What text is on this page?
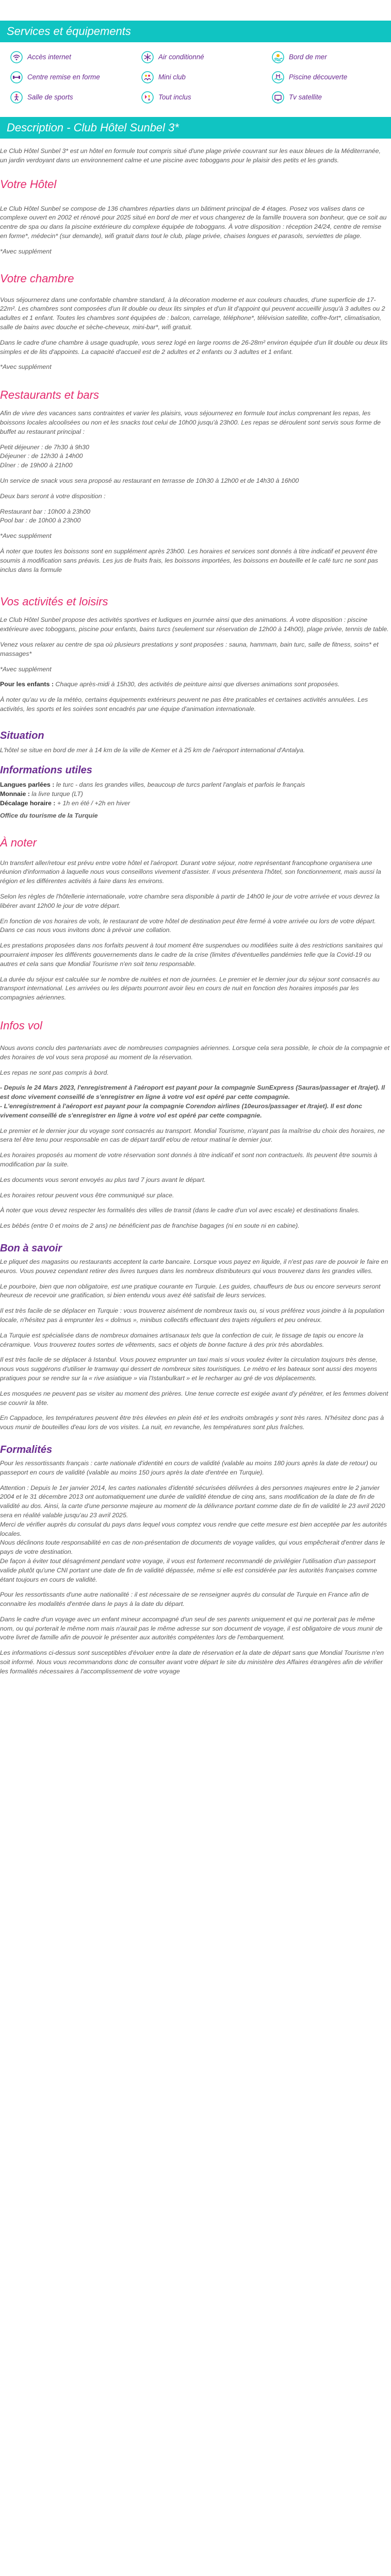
Services et équipements
Accès internet	Air conditionné	Bord de mer
Centre remise en forme	Mini club	Piscine découverte
Salle de sports	Tout inclus	Tv satellite
Description - Club Hôtel Sunbel 3*

Le Club Hôtel Sunbel 3* est un hôtel en formule tout compris situé d'une plage privée couvrant sur les eaux bleues de la Méditerranée, un jardin verdoyant dans un environnement calme et une piscine avec toboggans pour le plaisir des petits et les grands.

Votre Hôtel

Le Club Hôtel Sunbel se compose de 136 chambres réparties dans un bâtiment principal de 4 étages. Posez vos valises dans ce complexe ouvert en 2002 et rénové pour 2025 situé en bord de mer et vous changerez de la famille trouvera son bonheur, que ce soit au centre de spa ou dans la piscine extérieure du complexe équipée de toboggans. À votre disposition : réception 24/24, centre de remise en forme*, médecin* (sur demande), wifi gratuit dans tout le club, plage privée, chaises longues et parasols, serviettes de plage.

*Avec supplément

Votre chambre

Vous séjournerez dans une confortable chambre standard, à la décoration moderne et aux couleurs chaudes, d'une superficie de 17-22m². Les chambres sont composées d'un lit double ou deux lits simples et d'un lit d'appoint qui peuvent accueillir jusqu'à 3 adultes ou 2 adultes et 1 enfant. Toutes les chambres sont équipées de : balcon, carrelage, téléphone*, télévision satellite, coffre-fort*, climatisation, salle de bains avec douche et sèche-cheveux, mini-bar*, wifi gratuit.

Dans le cadre d'une chambre à usage quadruple, vous serez logé en large rooms de 26-28m² environ équipée d'un lit double ou deux lits simples et de lits d'appoints. La capacité d'accueil est de 2 adultes et 2 enfants ou 3 adultes et 1 enfant.

*Avec supplément

Restaurants et bars

Afin de vivre des vacances sans contraintes et varier les plaisirs, vous séjournerez en formule tout inclus comprenant les repas, les boissons locales alcoolisées ou non et les snacks tout celui de 10h00 jusqu'à 23h00. Les repas se déroulent sont servis sous forme de buffet au restaurant principal :

Petit déjeuner : de 7h30 à 9h30

Déjeuner : de 12h30 à 14h00

Dîner : de 19h00 à 21h00

Un service de snack vous sera proposé au restaurant en terrasse de 10h30 à 12h00 et de 14h30 à 16h00

Deux bars seront à votre disposition :

Restaurant bar : 10h00 à 23h00

Pool bar : de 10h00 à 23h00

*Avec supplément

À noter que toutes les boissons sont en supplément après 23h00. Les horaires et services sont donnés à titre indicatif et peuvent être soumis à modification sans préavis. Les jus de fruits frais, les boissons importées, les boissons en bouteille et le café turc ne sont pas inclus dans la formule

Vos activités et loisirs

Le Club Hôtel Sunbel propose des activités sportives et ludiques en journée ainsi que des animations. À votre disposition : piscine extérieure avec toboggans, piscine pour enfants, bains turcs (seulement sur réservation de 12h00 à 14h00), plage privée, tennis de table.

Venez vous relaxer au centre de spa où plusieurs prestations y sont proposées : sauna, hammam, bain turc, salle de fitness, soins* et massages*

*Avec supplément

Pour les enfants : Chaque après-midi à 15h30, des activités de peinture ainsi que diverses animations sont proposées.

À noter qu'au vu de la météo, certains équipements extérieurs peuvent ne pas être praticables et certaines activités annulées. Les activités, les sports et les soirées sont encadrés par une équipe d'animation internationale.

Situation

L'hôtel se situe en bord de mer à 14 km de la ville de Kemer et à 25 km de l'aéroport international d'Antalya.

Informations utiles

Langues parlées : le turc - dans les grandes villes, beaucoup de turcs parlent l'anglais et parfois le français

Monnaie : la livre turque (LT)

Décalage horaire : + 1h en été / +2h en hiver

Office du tourisme de la Turquie

À noter

Un transfert aller/retour est prévu entre votre hôtel et l'aéroport. Durant votre séjour, notre représentant francophone organisera une réunion d'information à laquelle nous vous conseillons vivement d'assister. Il vous présentera l'hôtel, son fonctionnement, mais aussi la région et les différentes activités à faire dans les environs.

Selon les règles de l'hôtellerie internationale, votre chambre sera disponible à partir de 14h00 le jour de votre arrivée et vous devrez la libérer avant 12h00 le jour de votre départ.

En fonction de vos horaires de vols, le restaurant de votre hôtel de destination peut être fermé à votre arrivée ou lors de votre départ. Dans ce cas nous vous invitons donc à prévoir une collation.

Les prestations proposées dans nos forfaits peuvent à tout moment être suspendues ou modifiées suite à des restrictions sanitaires qui pourraient imposer les différents gouvernements dans le cadre de la crise (limites d'éventuelles pandémies telle que la Covid-19 ou autres et cela sans que Mondial Tourisme n'en soit tenu responsable.

La durée du séjour est calculée sur le nombre de nuitées et non de journées. Le premier et le dernier jour du séjour sont consacrés au transport international. Les arrivées ou les départs pourront avoir lieu en cours de nuit en fonction des horaires imposés par les compagnies aériennes.

Infos vol

Nous avons conclu des partenariats avec de nombreuses compagnies aériennes. Lorsque cela sera possible, le choix de la compagnie et des horaires de vol vous sera proposé au moment de la réservation.

Les repas ne sont pas compris à bord.

- Depuis le 24 Mars 2023, l'enregistrement à l'aéroport est payant pour la compagnie SunExpress (Sauras/passager et /trajet). Il est donc vivement conseillé de s'enregistrer en ligne à votre vol est opéré par cette compagnie.

- L'enregistrement à l'aéroport est payant pour la compagnie Corendon airlines (10euros/passager et /trajet). Il est donc vivement conseillé de s'enregistrer en ligne à votre vol est opéré par cette compagnie.

Le premier et le dernier jour du voyage sont consacrés au transport. Mondial Tourisme, n'ayant pas la maîtrise du choix des horaires, ne sera tel être tenu pour responsable en cas de départ tardif et/ou de retour matinal le dernier jour.

Les horaires proposés au moment de votre réservation sont donnés à titre indicatif et sont non contractuels. Ils peuvent être soumis à modification par la suite.

Les documents vous seront envoyés au plus tard 7 jours avant le départ.

Les horaires retour peuvent vous être communiqué sur place.

À noter que vous devez respecter les formalités des villes de transit (dans le cadre d'un vol avec escale) et destinations finales.

Les bébés (entre 0 et moins de 2 ans) ne bénéficient pas de franchise bagages (ni en soute ni en cabine).

Bon à savoir

Le pliquet des magasins ou restaurants acceptent la carte bancaire. Lorsque vous payez en liquide, il n'est pas rare de pouvoir le faire en euros. Vous pouvez cependant retirer des livres turques dans les nombreux distributeurs qui vous trouverez dans les grandes villes.

Le pourboire, bien que non obligatoire, est une pratique courante en Turquie. Les guides, chauffeurs de bus ou encore serveurs seront heureux de recevoir une gratification, si bien entendu vous avez été satisfait de leurs services.

Il est très facile de se déplacer en Turquie : vous trouverez aisément de nombreux taxis ou, si vous préférez vous joindre à la population locale, n'hésitez pas à emprunter les « dolmus », minibus collectifs effectuant des trajets réguliers et peu onéreux.

La Turquie est spécialisée dans de nombreux domaines artisanaux tels que la confection de cuir, le tissage de tapis ou encore la céramique. Vous trouverez toutes sortes de vêtements, sacs et objets de bonne facture à des prix très abordables.

Il est très facile de se déplacer à Istanbul. Vous pouvez emprunter un taxi mais si vous voulez éviter la circulation toujours très dense, nous vous suggérons d'utiliser le tramway qui dessert de nombreux sites touristiques. Le métro et les bateaux sont aussi des moyens pratiques pour se rendre sur la « rive asiatique » via l'Istanbulkart » et le recharger au gré de vos déplacements.

Les mosquées ne peuvent pas se visiter au moment des prières. Une tenue correcte est exigée avant d'y pénétrer, et les femmes doivent se couvrir la tête.

En Cappadoce, les températures peuvent être très élevées en plein été et les endroits ombragés y sont très rares. N'hésitez donc pas à vous munir de bouteilles d'eau lors de vos visites. La nuit, en revanche, les températures sont plus fraîches.

Formalités

Pour les ressortissants français : carte nationale d'identité en cours de validité (valable au moins 180 jours après la date de retour) ou passeport en cours de validité (valable au moins 150 jours après la date d'entrée en Turquie).

Attention : Depuis le 1er janvier 2014, les cartes nationales d'identité sécurisées délivrées à des personnes majeures entre le 2 janvier 2004 et le 31 décembre 2013 ont automatiquement une durée de validité étendue de cinq ans, sans modification de la date de fin de validité au dos. Ainsi, la carte d'une personne majeure au moment de la délivrance portant comme date de fin de validité le 23 avril 2020 sera en réalité valable jusqu'au 23 avril 2025.

Merci de vérifier auprès du consulat du pays dans lequel vous comptez vous rendre que cette mesure est bien acceptée par les autorités locales.

Nous déclinons toute responsabilité en cas de non-présentation de documents de voyage valides, qui vous empêcherait d'entrer dans le pays de votre destination.

De façon à éviter tout désagrément pendant votre voyage, il vous est fortement recommandé de privilégier l'utilisation d'un passeport valide plutôt qu'une CNI portant une date de fin de validité dépassée, même si elle est considérée par les autorités françaises comme étant toujours en cours de validité.

Pour les ressortissants d'une autre nationalité : il est nécessaire de se renseigner auprès du consulat de Turquie en France afin de connaitre les modalités d'entrée dans le pays à la date du départ.

Dans le cadre d'un voyage avec un enfant mineur accompagné d'un seul de ses parents uniquement et qui ne porterait pas le même nom, ou qui porterait le même nom mais n'aurait pas le même adresse sur son document de voyage, il est obligatoire de vous munir de votre livret de famille afin de pouvoir le présenter aux autorités compétentes lors de l'embarquement.

Les informations ci-dessus sont susceptibles d'évoluer entre la date de réservation et la date de départ sans que Mondial Tourisme n'en soit informé. Nous vous recommandons donc de consulter avant votre départ le site du ministère des Affaires étrangères afin de vérifier les formalités nécessaires à l'accomplissement de votre voyage
